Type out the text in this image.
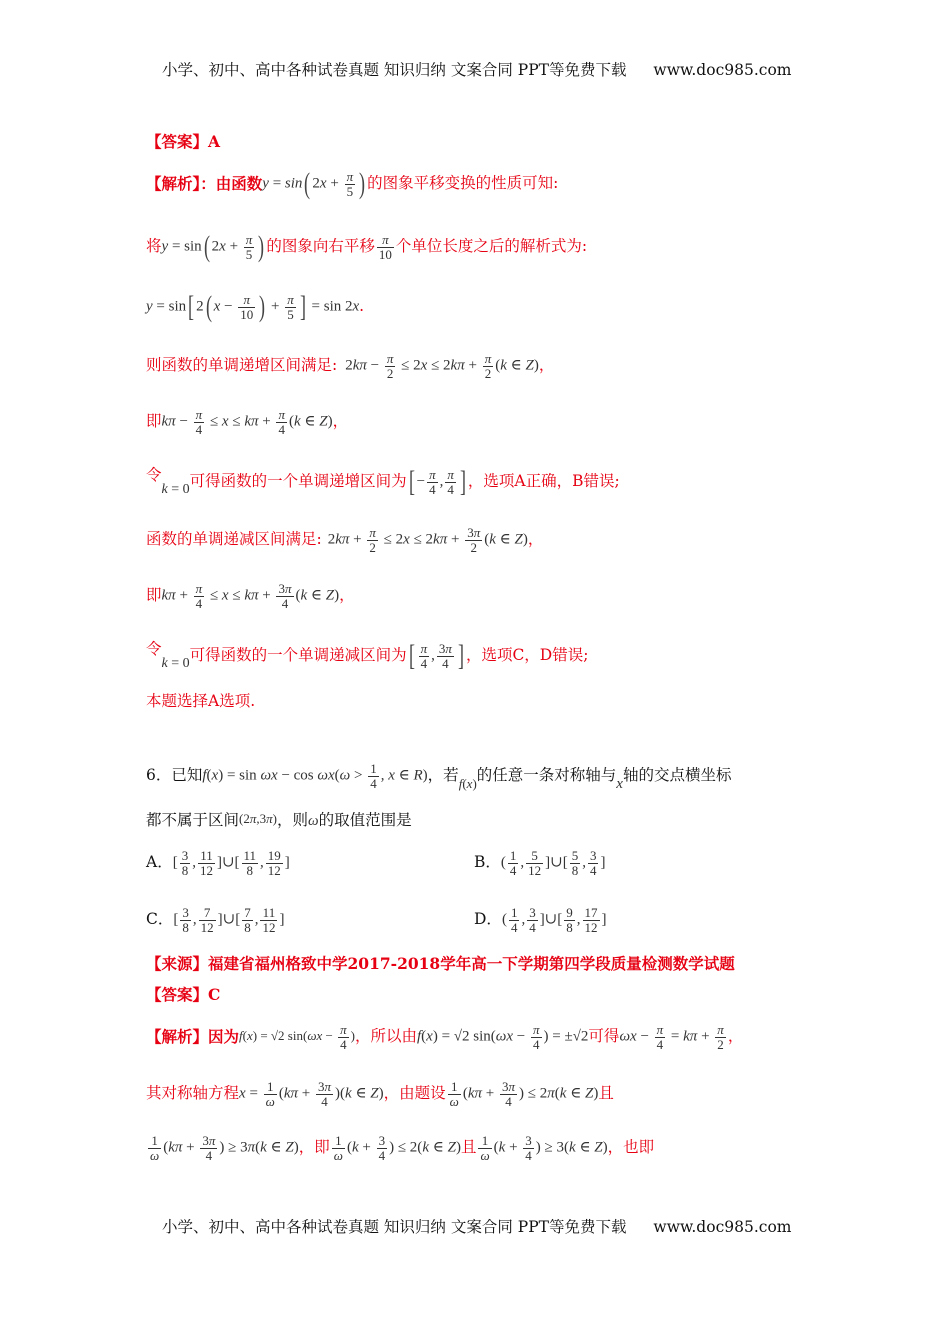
小学、初中、高中各种试卷真题 知识归纳 文案合同 PPT等免费下载 www.doc985.com
【答案】A
【解析】：由函数 y = sin( $2x + \frac{\pi}{5}$ ) 的图象平移变换的性质可知:
将 y = sin( $2x + \frac{\pi}{5}$ ) 的图象向右平移 $\frac{\pi}{10}$ 个单位长度之后的解析式为:
y = sin[ 2( $x - \frac{\pi}{10}$ ) + $\frac{\pi}{5}$ ] = sin 2x .
则函数的单调递增区间满足: $2k\pi - \frac{\pi}{2} \le 2x \le 2k\pi + \frac{\pi}{2} (k$ ∈ Z) ，
即 $k\pi - \frac{\pi}{4} \le x \le k\pi + \frac{\pi}{4} (k$ ∈ Z) ，
令
k = 0 可得函数的一个单调递增区间为 [ − $\frac{\pi}{4}$ , $\frac{\pi}{4}$ ] ，选项A正确，B错误;
函数的单调递减区间满足: $2k\pi + \frac{\pi}{2} \le 2x \le 2k\pi + \frac{3\pi}{2} (k$ ∈ Z) ，
即 $k\pi + \frac{\pi}{4} \le x \le k\pi + \frac{3\pi}{4} (k$ ∈ Z) ，
令
k = 0 可得函数的一个单调递减区间为 [ $\frac{\pi}{4}$ , $\frac{3\pi}{4}$ ] ，选项C，D错误;
本题选择A选项.
6．已知 $f(x) = \sin \omega x - \cos \omega x(\omega > \frac{1}{4}$ , x ∈ R) ，若 f(x) 的任意一条对称轴与 x 轴的交点横坐标
都不属于区间 (2π,3π) ，则 ω 的取值范围是
A． [ $\frac{3}{8}$ , $\frac{11}{12}$ ]∪[ $\frac{11}{8}$ , $\frac{19}{12}$ ]	B． ( $\frac{1}{4}$ , $\frac{5}{12}$ ]∪[ $\frac{5}{8}$ , $\frac{3}{4}$ ]
C． [ $\frac{3}{8}$ , $\frac{7}{12}$ ]∪[ $\frac{7}{8}$ , $\frac{11}{12}$ ]	D． ( $\frac{1}{4}$ , $\frac{3}{4}$ ]∪[ $\frac{9}{8}$ , $\frac{17}{12}$ ]
【来源】福建省福州格致中学2017-2018学年高一下学期第四学段质量检测数学试题
【答案】C
【解析】因为 f(x) = √2 $\sin(\omega x - \frac{\pi}{4}$ ) ，所以由 f(x) = √2 $\sin(\omega x - \frac{\pi}{4}$ ) = ±√2 可得 $\omega x - \frac{\pi}{4} = k\pi + \frac{\pi}{2}$ ，
其对称轴方程 $x = \frac{1}{\omega} (k\pi + \frac{3\pi}{4} )(k$ ∈ Z) ，由题设 $\frac{1}{\omega} (k\pi + \frac{3\pi}{4}$ ) ≤ 2π(k ∈ Z) 且
$\frac{1}{\omega} (k\pi + \frac{3\pi}{4}$ ) ≥ 3π(k ∈ Z) ，即 $\frac{1}{\omega} (k + \frac{3}{4}$ ) ≤ 2(k ∈ Z) 且 $\frac{1}{\omega} (k + \frac{3}{4}$ ) ≥ 3(k ∈ Z) ，也即
小学、初中、高中各种试卷真题 知识归纳 文案合同 PPT等免费下载 www.doc985.com
